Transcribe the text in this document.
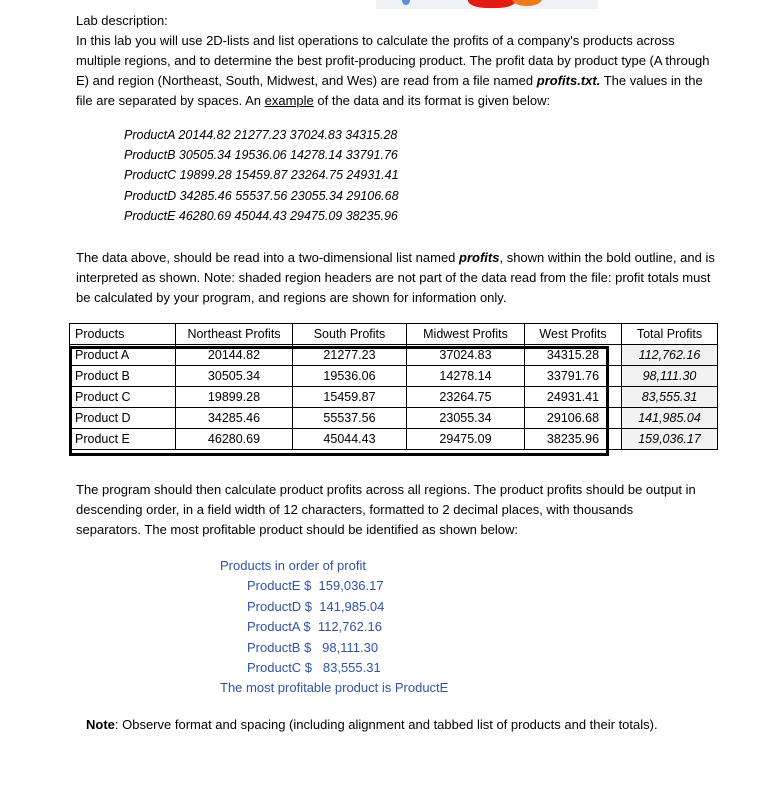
Lab description:
In this lab you will use 2D-lists and list operations to calculate the profits of a company's products across multiple regions, and to determine the best profit-producing product. The profit data by product type (A through E) and region (Northeast, South, Midwest, and Wes) are read from a file named profits.txt. The values in the file are separated by spaces. An example of the data and its format is given below:
ProductA 20144.82 21277.23 37024.83 34315.28
ProductB 30505.34 19536.06 14278.14 33791.76
ProductC 19899.28 15459.87 23264.75 24931.41
ProductD 34285.46 55537.56 23055.34 29106.68
ProductE 46280.69 45044.43 29475.09 38235.96
The data above, should be read into a two-dimensional list named profits, shown within the bold outline, and is interpreted as shown. Note: shaded region headers are not part of the data read from the file: profit totals must be calculated by your program, and regions are shown for information only.
Products	Northeast Profits	South Profits	Midwest Profits	West Profits	Total Profits
Product A	20144.82	21277.23	37024.83	34315.28	112,762.16
Product B	30505.34	19536.06	14278.14	33791.76	98,111.30
Product C	19899.28	15459.87	23264.75	24931.41	83,555.31
Product D	34285.46	55537.56	23055.34	29106.68	141,985.04
Product E	46280.69	45044.43	29475.09	38235.96	159,036.17
The program should then calculate product profits across all regions. The product profits should be output in descending order, in a field width of 12 characters, formatted to 2 decimal places, with thousands separators. The most profitable product should be identified as shown below:
Products in order of profit
ProductE $  159,036.17
ProductD $  141,985.04
ProductA $  112,762.16
ProductB $   98,111.30
ProductC $   83,555.31
The most profitable product is ProductE
Note: Observe format and spacing (including alignment and tabbed list of products and their totals).
